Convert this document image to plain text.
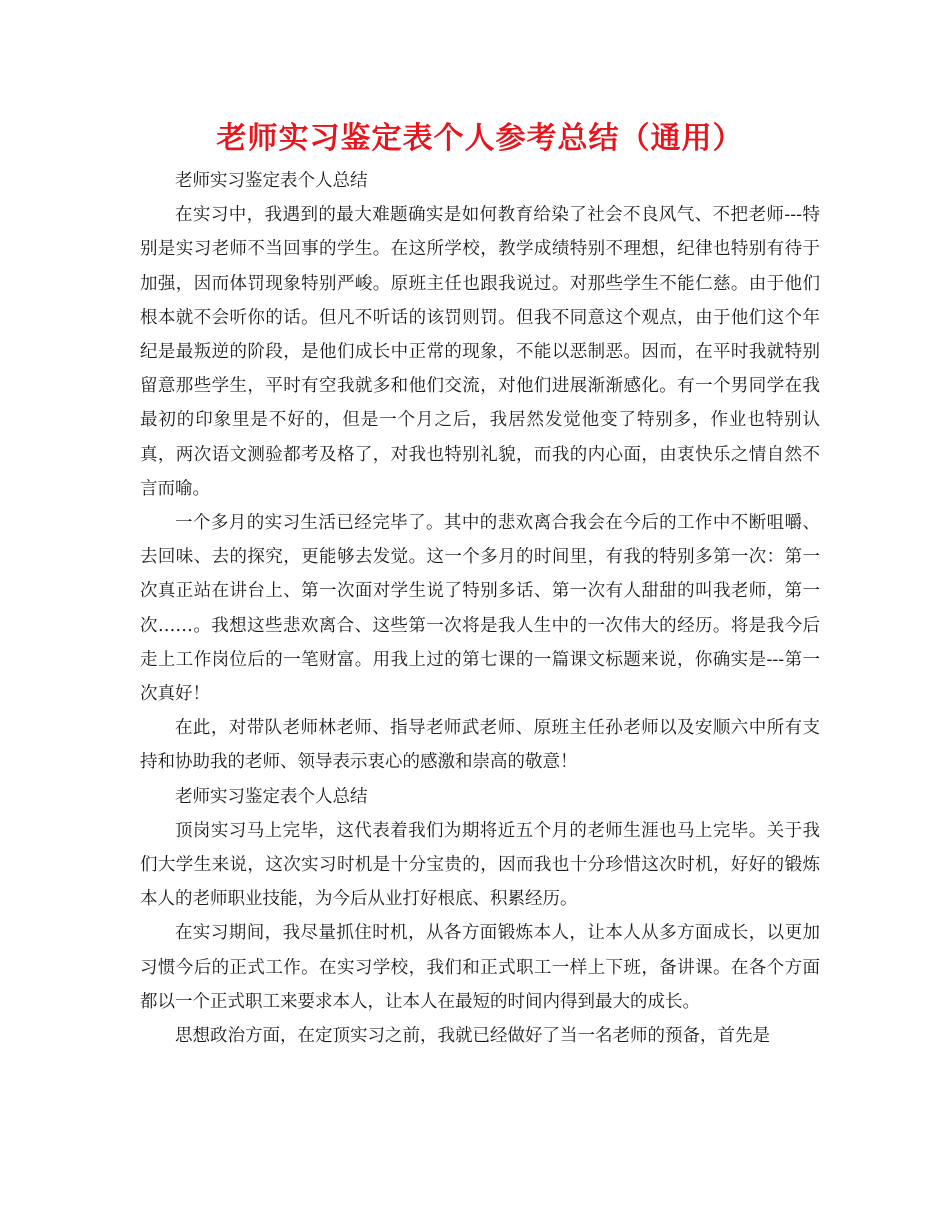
老师实习鉴定表个人参考总结（通用）

老师实习鉴定表个人总结

在实习中，我遇到的最大难题确实是如何教育给染了社会不良风气、不把老师---特别是实习老师不当回事的学生。在这所学校，教学成绩特别不理想，纪律也特别有待于加强，因而体罚现象特别严峻。原班主任也跟我说过。对那些学生不能仁慈。由于他们根本就不会听你的话。但凡不听话的该罚则罚。但我不同意这个观点，由于他们这个年纪是最叛逆的阶段，是他们成长中正常的现象，不能以恶制恶。因而，在平时我就特别留意那些学生，平时有空我就多和他们交流，对他们进展渐渐感化。有一个男同学在我最初的印象里是不好的，但是一个月之后，我居然发觉他变了特别多，作业也特别认真，两次语文测验都考及格了，对我也特别礼貌，而我的内心面，由衷快乐之情自然不言而喻。

一个多月的实习生活已经完毕了。其中的悲欢离合我会在今后的工作中不断咀嚼、去回味、去的探究，更能够去发觉。这一个多月的时间里，有我的特别多第一次：第一次真正站在讲台上、第一次面对学生说了特别多话、第一次有人甜甜的叫我老师，第一次……。我想这些悲欢离合、这些第一次将是我人生中的一次伟大的经历。将是我今后走上工作岗位后的一笔财富。用我上过的第七课的一篇课文标题来说，你确实是---第一次真好！

在此，对带队老师林老师、指导老师武老师、原班主任孙老师以及安顺六中所有支持和协助我的老师、领导表示衷心的感激和崇高的敬意！

老师实习鉴定表个人总结

顶岗实习马上完毕，这代表着我们为期将近五个月的老师生涯也马上完毕。关于我们大学生来说，这次实习时机是十分宝贵的，因而我也十分珍惜这次时机，好好的锻炼本人的老师职业技能，为今后从业打好根底、积累经历。

在实习期间，我尽量抓住时机，从各方面锻炼本人，让本人从多方面成长，以更加习惯今后的正式工作。在实习学校，我们和正式职工一样上下班，备讲课。在各个方面都以一个正式职工来要求本人，让本人在最短的时间内得到最大的成长。

思想政治方面，在定顶实习之前，我就已经做好了当一名老师的预备，首先是
